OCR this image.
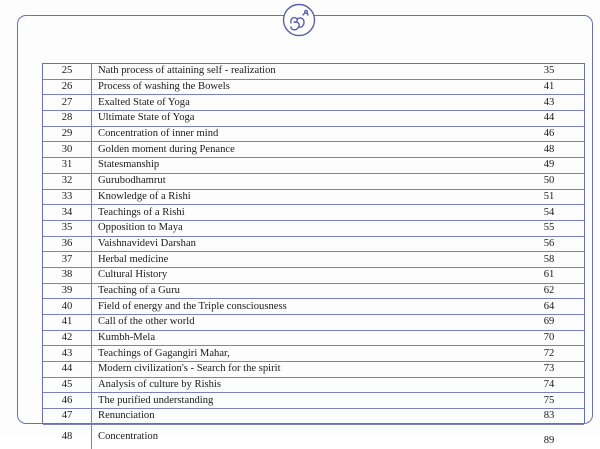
25	Nath process of attaining self - realization	35
26	Process of washing the Bowels	41
27	Exalted State of Yoga	43
28	Ultimate State of Yoga	44
29	Concentration of inner mind	46
30	Golden moment during Penance	48
31	Statesmanship	49
32	Gurubodhamrut	50
33	Knowledge of a Rishi	51
34	Teachings of a Rishi	54
35	Opposition to Maya	55
36	Vaishnavidevi Darshan	56
37	Herbal medicine	58
38	Cultural History	61
39	Teaching of a Guru	62
40	Field of energy and the Triple consciousness	64
41	Call of the other world	69
42	Kumbh-Mela	70
43	Teachings of Gagangiri Mahar,	72
44	Modern civilization's - Search for the spirit	73
45	Analysis of culture by Rishis	74
46	The purified understanding	75
47	Renunciation	83
48	Concentration	89
